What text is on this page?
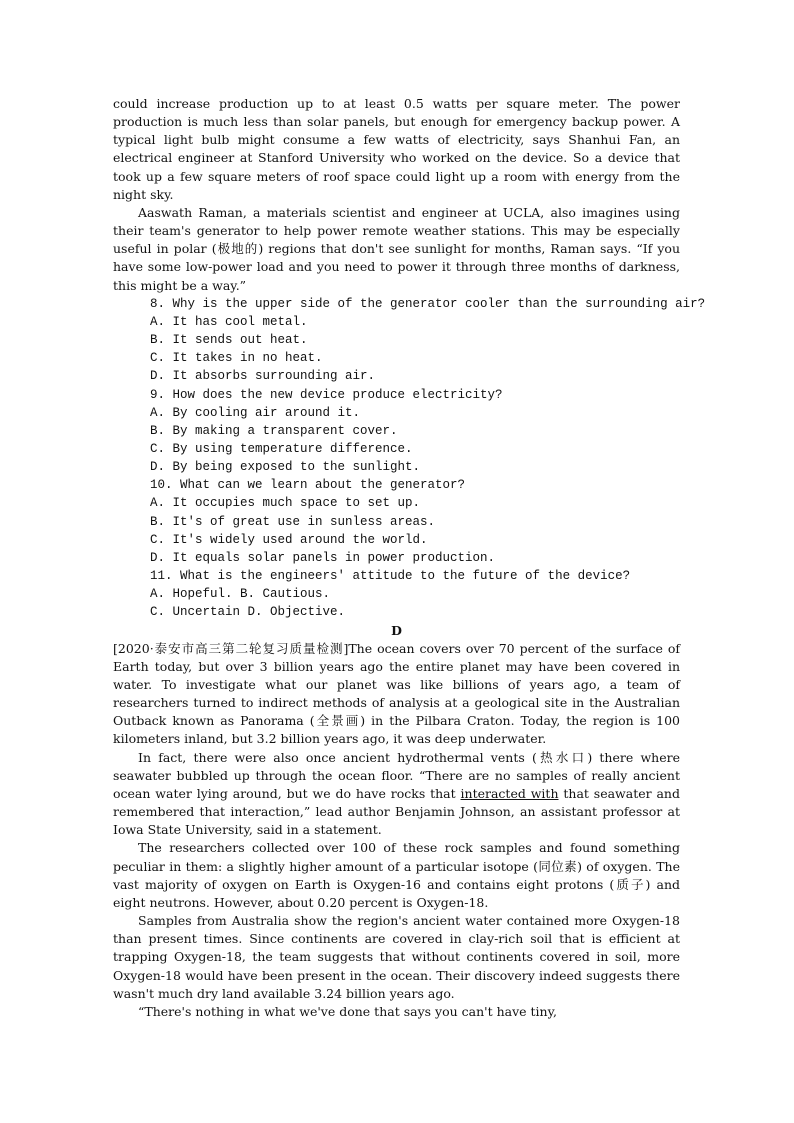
could increase production up to at least 0.5 watts per square meter. The power production is much less than solar panels, but enough for emergency backup power. A typical light bulb might consume a few watts of electricity, says Shanhui Fan, an electrical engineer at Stanford University who worked on the device. So a device that took up a few square meters of roof space could light up a room with energy from the night sky.

Aaswath Raman, a materials scientist and engineer at UCLA, also imagines using their team's generator to help power remote weather stations. This may be especially useful in polar (极地的) regions that don't see sunlight for months, Raman says. “If you have some low-power load and you need to power it through three months of darkness, this might be a way.”

8. Why is the upper side of the generator cooler than the surrounding air?

A. It has cool metal.

B. It sends out heat.

C. It takes in no heat.

D. It absorbs surrounding air.

9. How does the new device produce electricity?

A. By cooling air around it.

B. By making a transparent cover.

C. By using temperature difference.

D. By being exposed to the sunlight.

10. What can we learn about the generator?

A. It occupies much space to set up.

B. It's of great use in sunless areas.

C. It's widely used around the world.

D. It equals solar panels in power production.

11. What is the engineers' attitude to the future of the device?

A. Hopeful. B. Cautious.

C. Uncertain D. Objective.

D

[2020·泰安市高三第二轮复习质量检测]The ocean covers over 70 percent of the surface of Earth today, but over 3 billion years ago the entire planet may have been covered in water. To investigate what our planet was like billions of years ago, a team of researchers turned to indirect methods of analysis at a geological site in the Australian Outback known as Panorama (全景画) in the Pilbara Craton. Today, the region is 100 kilometers inland, but 3.2 billion years ago, it was deep underwater.

In fact, there were also once ancient hydrothermal vents (热水口) there where seawater bubbled up through the ocean floor. “There are no samples of really ancient ocean water lying around, but we do have rocks that interacted with that seawater and remembered that interaction,” lead author Benjamin Johnson, an assistant professor at Iowa State University, said in a statement.

The researchers collected over 100 of these rock samples and found something peculiar in them: a slightly higher amount of a particular isotope (同位素) of oxygen. The vast majority of oxygen on Earth is Oxygen-16 and contains eight protons (质子) and eight neutrons. However, about 0.20 percent is Oxygen-18.

Samples from Australia show the region's ancient water contained more Oxygen-18 than present times. Since continents are covered in clay-rich soil that is efficient at trapping Oxygen-18, the team suggests that without continents covered in soil, more Oxygen-18 would have been present in the ocean. Their discovery indeed suggests there wasn't much dry land available 3.24 billion years ago.

“There's nothing in what we've done that says you can't have tiny,
